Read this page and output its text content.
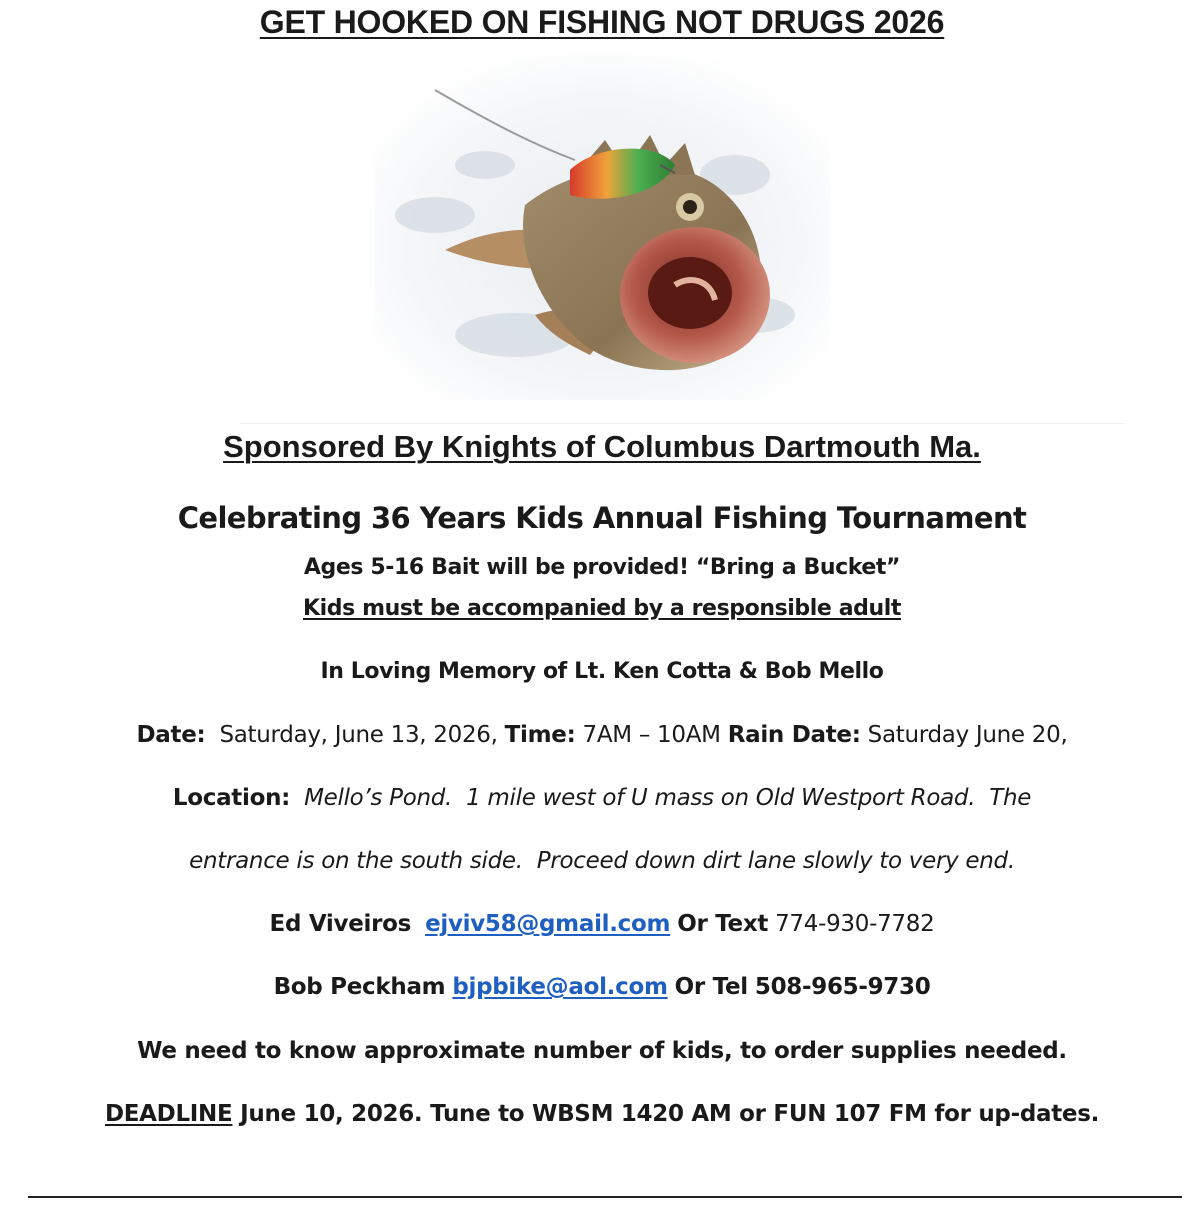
GET HOOKED ON FISHING NOT DRUGS 2026
Sponsored By Knights of Columbus Dartmouth Ma.
Celebrating 36 Years Kids Annual Fishing Tournament
Ages 5-16 Bait will be provided! “Bring a Bucket”
Kids must be accompanied by a responsible adult
In Loving Memory of Lt. Ken Cotta & Bob Mello
Date: Saturday, June 13, 2026, Time: 7AM – 10AM Rain Date: Saturday June 20,
Location: Mello’s Pond.  1 mile west of U mass on Old Westport Road.  The
entrance is on the south side.  Proceed down dirt lane slowly to very end.
Ed Viveiros ejviv58@gmail.com Or Text 774-930-7782
Bob Peckham bjpbike@aol.com Or Tel 508-965-9730
We need to know approximate number of kids, to order supplies needed.
DEADLINE June 10, 2026. Tune to WBSM 1420 AM or FUN 107 FM for up-dates.
